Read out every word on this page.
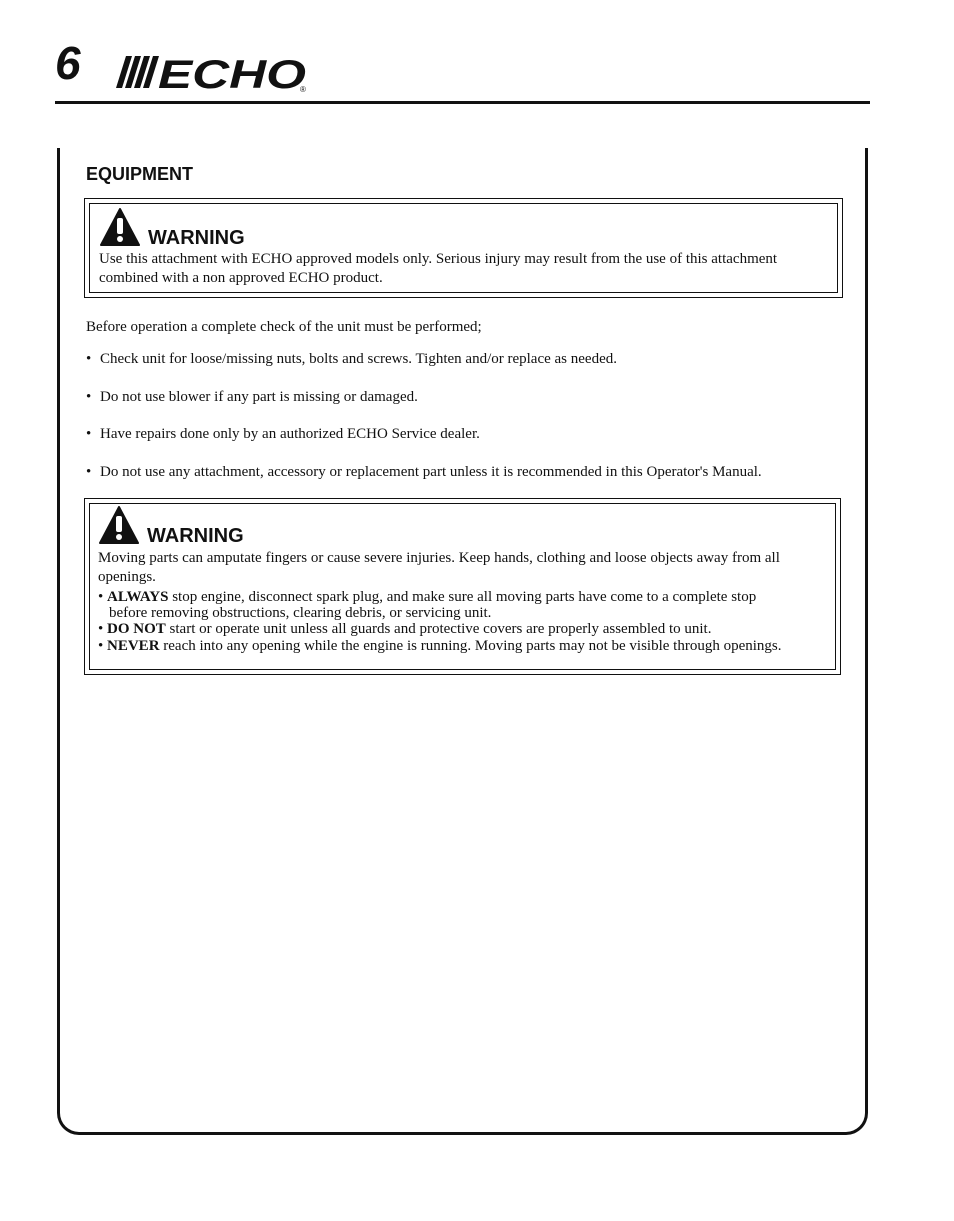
6 ECHO
®
EQUIPMENT
WARNING
Use this attachment with ECHO approved models only. Serious injury may result from the use of this attachment
combined with a non approved ECHO product.
Before operation a complete check of the unit must be performed;
• Check unit for loose/missing nuts, bolts and screws. Tighten and/or replace as needed.
• Do not use blower if any part is missing or damaged.
• Have repairs done only by an authorized ECHO Service dealer.
• Do not use any attachment, accessory or replacement part unless it is recommended in this Operator's Manual.
WARNING

Moving parts can amputate fingers or cause severe injuries. Keep hands, clothing and loose objects away from all

openings.

• ALWAYS stop engine, disconnect spark plug, and make sure all moving parts have come to a complete stop
before removing obstructions, clearing debris, or servicing unit.

• DO NOT start or operate unit unless all guards and protective covers are properly assembled to unit.

• NEVER reach into any opening while the engine is running. Moving parts may not be visible through openings.
